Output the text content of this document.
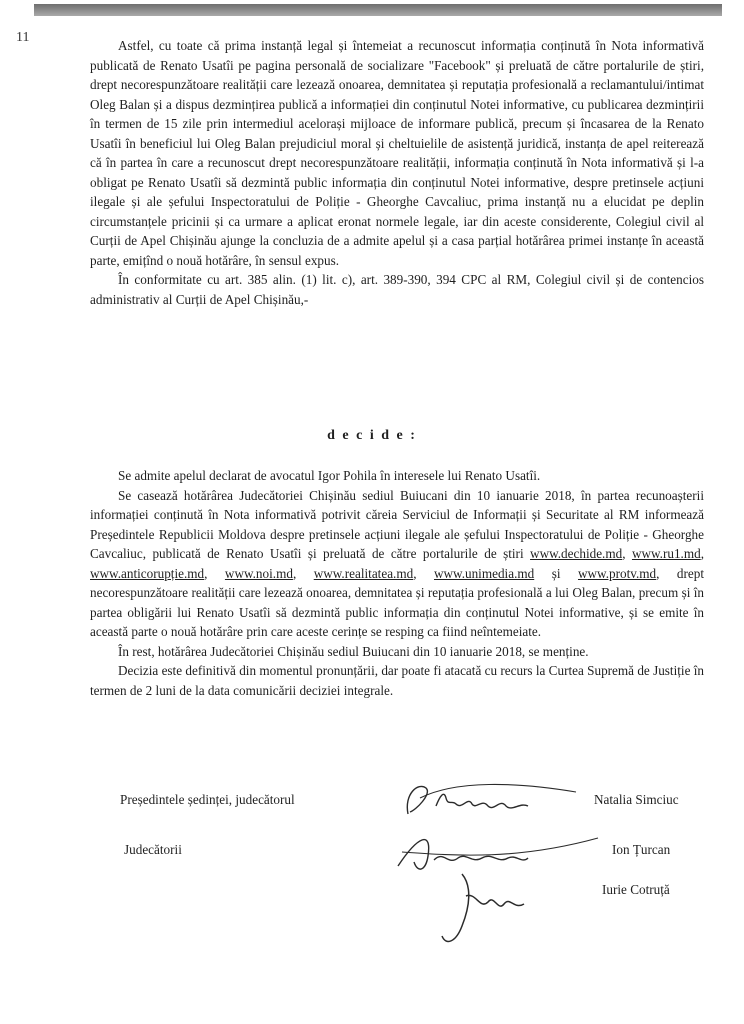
11

Astfel, cu toate că prima instanță legal și întemeiat a recunoscut informația conținută în Nota informativă publicată de Renato Usatîi pe pagina personală de socializare "Facebook" și preluată de către portalurile de știri, drept necorespunzătoare realității care lezează onoarea, demnitatea și reputația profesională a reclamantului/intimat Oleg Balan și a dispus dezmințirea publică a informației din conținutul Notei informative, cu publicarea dezmințirii în termen de 15 zile prin intermediul acelorași mijloace de informare publică, precum și încasarea de la Renato Usatîi în beneficiul lui Oleg Balan prejudiciul moral și cheltuielile de asistență juridică, instanța de apel reiterează că în partea în care a recunoscut drept necorespunzătoare realității, informația conținută în Nota informativă și l-a obligat pe Renato Usatîi să dezmintă public informația din conținutul Notei informative, despre pretinsele acțiuni ilegale și ale șefului Inspectoratului de Poliție - Gheorghe Cavcaliuc, prima instanță nu a elucidat pe deplin circumstanțele pricinii și ca urmare a aplicat eronat normele legale, iar din aceste considerente, Colegiul civil al Curții de Apel Chișinău ajunge la concluzia de a admite apelul și a casa parțial hotărârea primei instanțe în această parte, emițînd o nouă hotărâre, în sensul expus.

În conformitate cu art. 385 alin. (1) lit. c), art. 389-390, 394 CPC al RM, Colegiul civil și de contencios administrativ al Curții de Apel Chișinău,-

d e c i d e :

Se admite apelul declarat de avocatul Igor Pohila în interesele lui Renato Usatîi.

Se casează hotărârea Judecătoriei Chișinău sediul Buiucani din 10 ianuarie 2018, în partea recunoașterii informației conținută în Nota informativă potrivit căreia Serviciul de Informații și Securitate al RM informează Președintele Republicii Moldova despre pretinsele acțiuni ilegale ale șefului Inspectoratului de Poliție - Gheorghe Cavcaliuc, publicată de Renato Usatîi și preluată de către portalurile de știri www.dechide.md, www.ru1.md, www.anticorupție.md, www.noi.md, www.realitatea.md, www.unimedia.md și www.protv.md, drept necorespunzătoare realității care lezează onoarea, demnitatea și reputația profesională a lui Oleg Balan, precum și în partea obligării lui Renato Usatîi să dezmintă public informația din conținutul Notei informative, și se emite în această parte o nouă hotărâre prin care aceste cerințe se resping ca fiind neîntemeiate.

În rest, hotărârea Judecătoriei Chișinău sediul Buiucani din 10 ianuarie 2018, se menține.

Decizia este definitivă din momentul pronunțării, dar poate fi atacată cu recurs la Curtea Supremă de Justiție în termen de 2 luni de la data comunicării deciziei integrale.

Președintele ședinței, judecătorul	Natalia Simciuc
Judecătorii	Ion Țurcan
Iurie Cotruță
